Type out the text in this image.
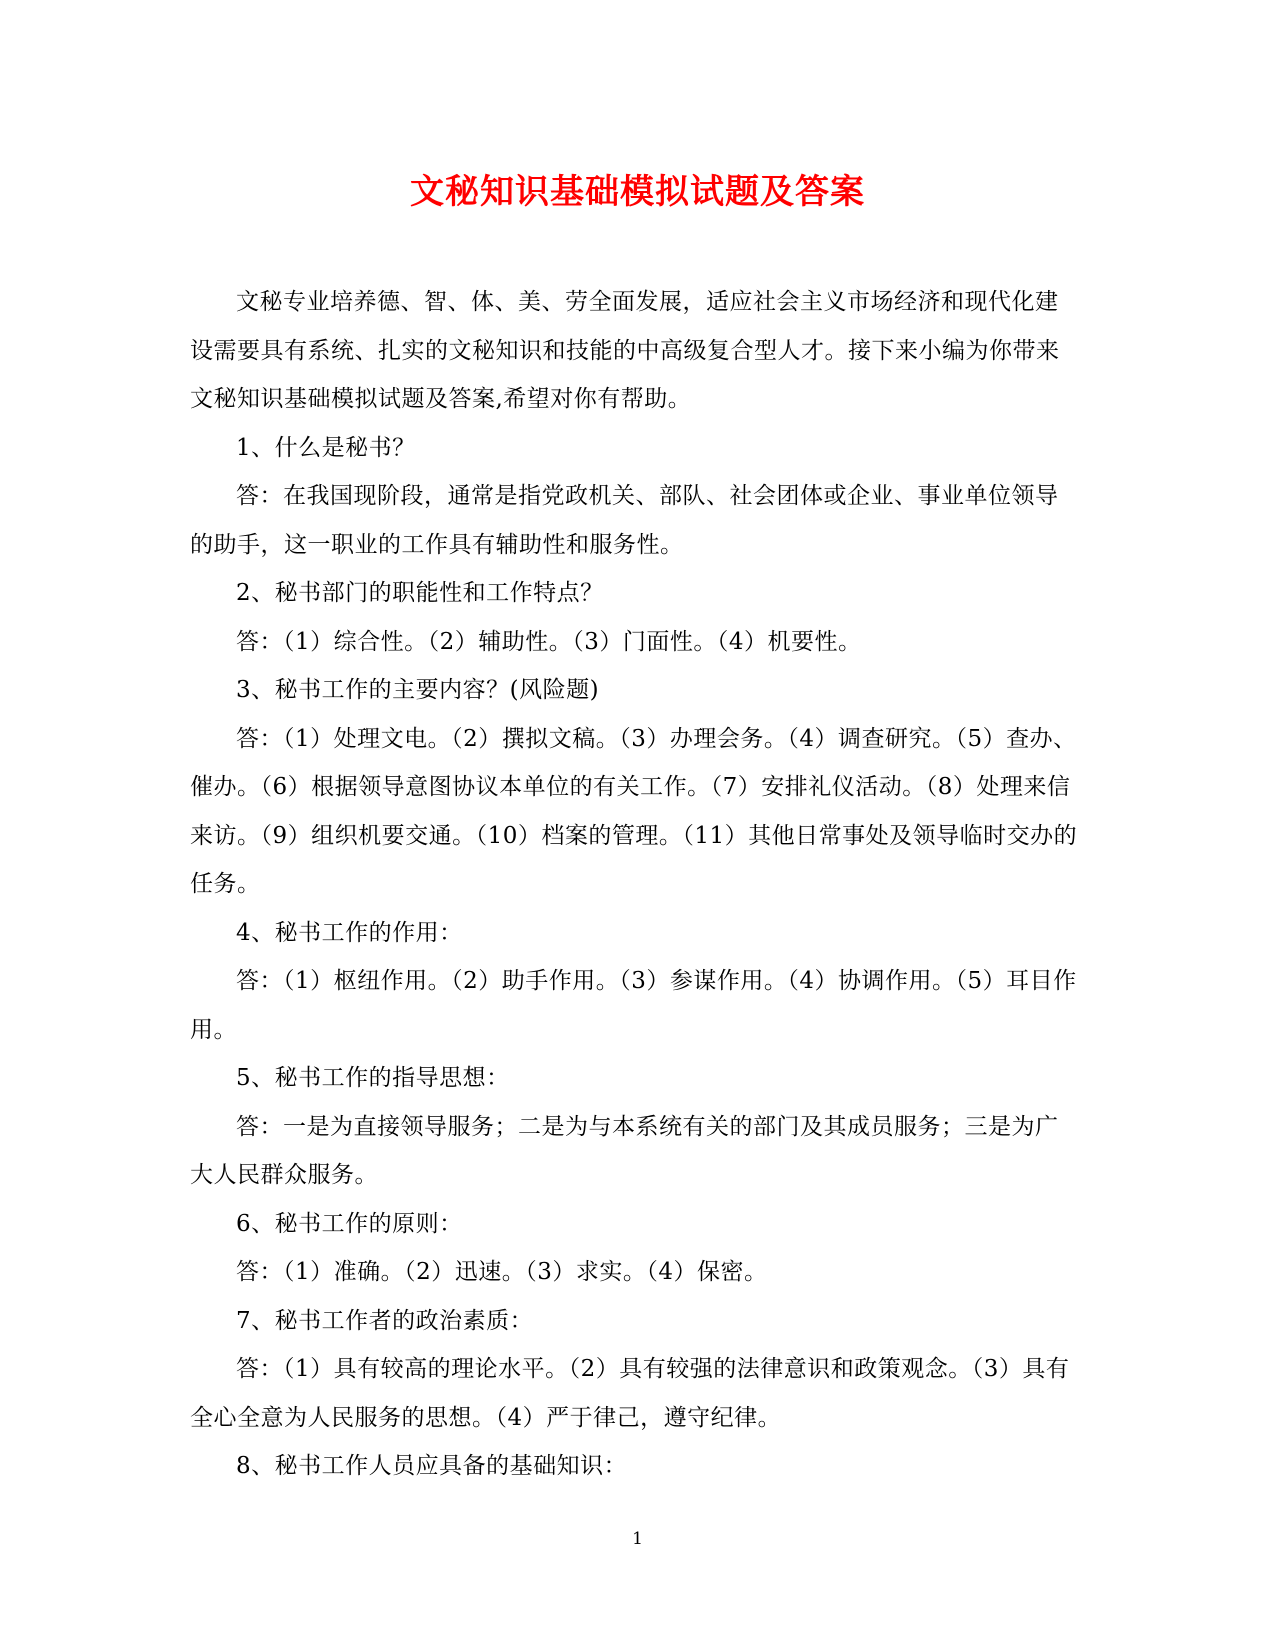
文秘知识基础模拟试题及答案

文秘专业培养德、智、体、美、劳全面发展，适应社会主义市场经济和现代化建设需要具有系统、扎实的文秘知识和技能的中高级复合型人才。接下来小编为你带来文秘知识基础模拟试题及答案,希望对你有帮助。

1、什么是秘书？

答：在我国现阶段，通常是指党政机关、部队、社会团体或企业、事业单位领导的助手，这一职业的工作具有辅助性和服务性。

2、秘书部门的职能性和工作特点？

答：（1）综合性。（2）辅助性。（3）门面性。（4）机要性。

3、秘书工作的主要内容？(风险题)

答：（1）处理文电。（2）撰拟文稿。（3）办理会务。（4）调查研究。（5）查办、催办。（6）根据领导意图协议本单位的有关工作。（7）安排礼仪活动。（8）处理来信来访。（9）组织机要交通。（10）档案的管理。（11）其他日常事处及领导临时交办的任务。

4、秘书工作的作用：

答：（1）枢纽作用。（2）助手作用。（3）参谋作用。（4）协调作用。（5）耳目作用。

5、秘书工作的指导思想：

答：一是为直接领导服务；二是为与本系统有关的部门及其成员服务；三是为广大人民群众服务。

6、秘书工作的原则：

答：（1）准确。（2）迅速。（3）求实。（4）保密。

7、秘书工作者的政治素质：

答：（1）具有较高的理论水平。（2）具有较强的法律意识和政策观念。（3）具有全心全意为人民服务的思想。（4）严于律己，遵守纪律。

8、秘书工作人员应具备的基础知识：

1
